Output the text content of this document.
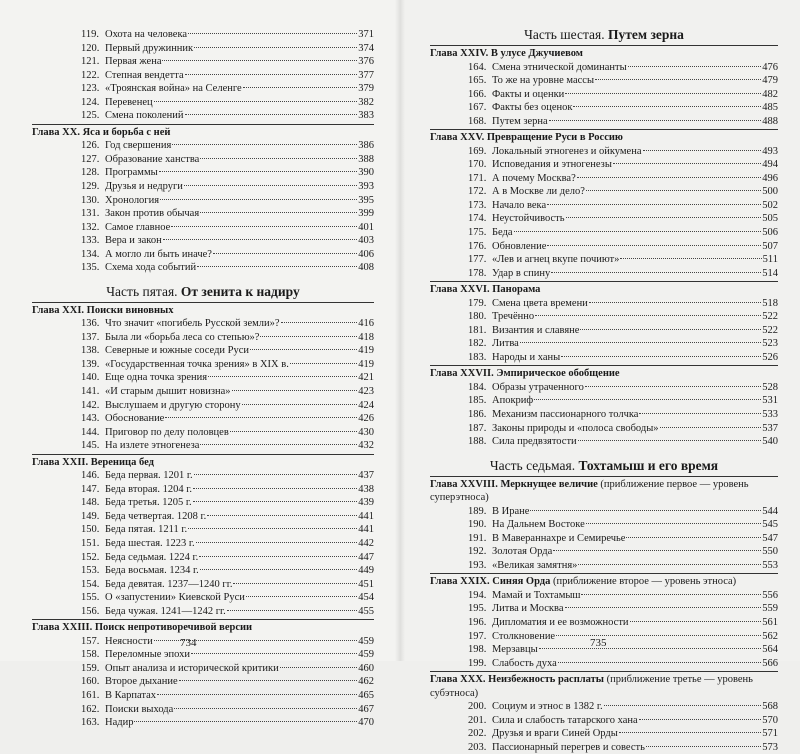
119. Охота на человека	371
120. Первый дружинник	374
121. Первая жена	376
122. Степная вендетта	377
123. «Троянская война» на Селенге	379
124. Перевенец	382
125. Смена поколений	383
Глава XX. Яса и борьба с ней
126. Год свершения	386
127. Образование ханства	388
128. Программы	390
129. Друзья и недруги	393
130. Хронология	395
131. Закон против обычая	399
132. Самое главное	401
133. Вера и закон	403
134. А могло ли быть иначе?	406
135. Схема хода событий	408
Часть пятая. От зенита к надиру
Глава XXI. Поиски виновных
136. Что значит «погибель Русской земли»?	416
137. Была ли «борьба леса со степью»?	418
138. Северные и южные соседи Руси	419
139. «Государственная точка зрения» в XIX в.	419
140. Еще одна точка зрения	421
141. «И старым дышит новизна»	423
142. Выслушаем и другую сторону	424
143. Обоснование	426
144. Приговор по делу половцев	430
145. На излете этногенеза	432
Глава XXII. Вереница бед
146. Беда первая. 1201 г.	437
147. Беда вторая. 1204 г.	438
148. Беда третья. 1205 г.	439
149. Беда четвертая. 1208 г.	441
150. Беда пятая. 1211 г.	441
151. Беда шестая. 1223 г.	442
152. Беда седьмая. 1224 г.	447
153. Беда восьмая. 1234 г.	449
154. Беда девятая. 1237—1240 гг.	451
155. О «запустении» Киевской Руси	454
156. Беда чужая. 1241—1242 гг.	455
Глава XXIII. Поиск непротиворечивой версии
157. Неясности	459
158. Переломные эпохи	459
159. Опыт анализа и исторической критики	460
160. Второе дыхание	462
161. В Карпатах	465
162. Поиски выхода	467
163. Надир	470
734
Часть шестая. Путем зерна
Глава XXIV. В улусе Джучиевом
164. Смена этнической доминанты	476
165. То же на уровне массы	479
166. Факты и оценки	482
167. Факты без оценок	485
168. Путем зерна	488
Глава XXV. Превращение Руси в Россию
169. Локальный этногенез и ойкумена	493
170. Исповедания и этногенезы	494
171. А почему Москва?	496
172. А в Москве ли дело?	500
173. Начало века	502
174. Неустойчивость	505
175. Беда	506
176. Обновление	507
177. «Лев и агнец вкупе почиют»	511
178. Удар в спину	514
Глава XXVI. Панорама
179. Смена цвета времени	518
180. Тречённо	522
181. Византия и славяне	522
182. Литва	523
183. Народы и ханы	526
Глава XXVII. Эмпирическое обобщение
184. Образы утраченного	528
185. Апокриф	531
186. Механизм пассионарного толчка	533
187. Законы природы и «полоса свободы»	537
188. Сила предвзятости	540
Часть седьмая. Тохтамыш и его время
Глава XXVIII. Меркнущее величие (приближение первое — уровень суперэтноса)
189. В Иране	544
190. На Дальнем Востоке	545
191. В Мавераннахре и Семиречье	547
192. Золотая Орда	550
193. «Великая замятня»	553
Глава XXIX. Синяя Орда (приближение второе — уровень этноса)
194. Мамай и Тохтамыш	556
195. Литва и Москва	559
196. Дипломатия и ее возможности	561
197. Столкновение	562
198. Мерзавцы	564
199. Слабость духа	566
Глава XXX. Неизбежность расплаты (приближение третье — уровень субэтноса)
200. Социум и этнос в 1382 г.	568
201. Сила и слабость татарского хана	570
202. Друзья и враги Синей Орды	571
203. Пассионарный перегрев и совесть	573
735
